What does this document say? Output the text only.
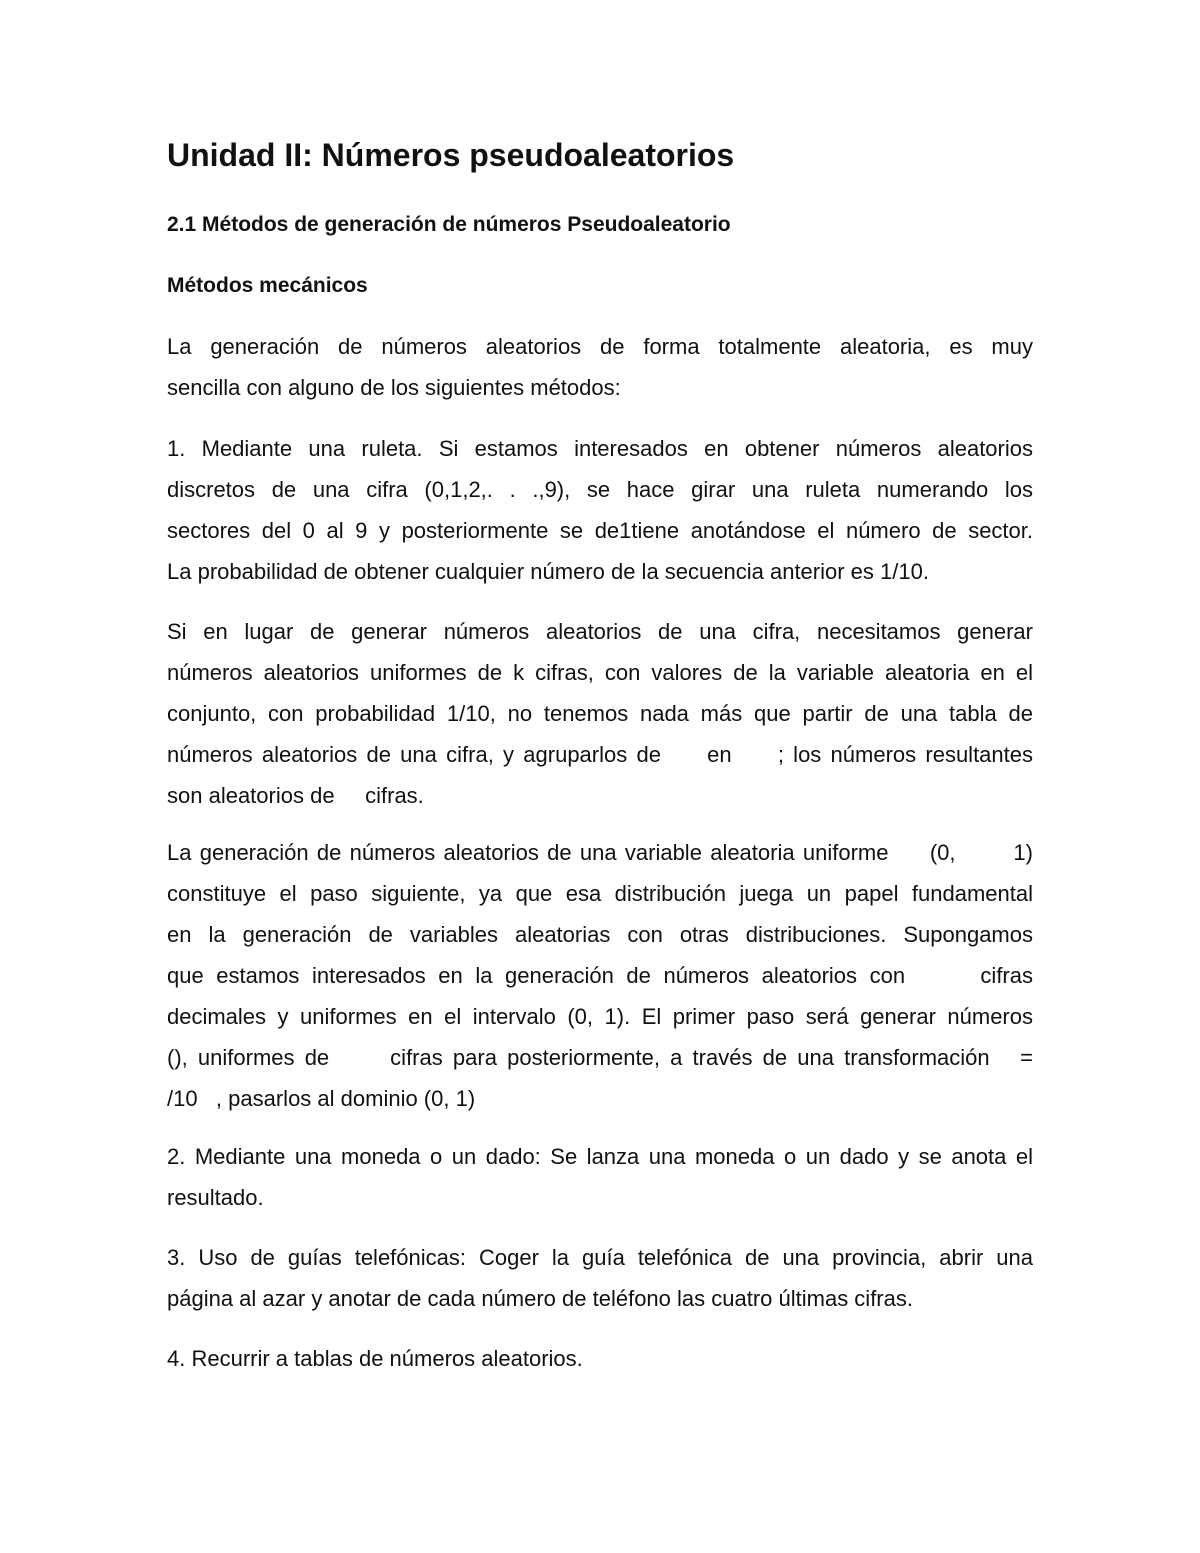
Unidad II: Números pseudoaleatorios
2.1 Métodos de generación de números Pseudoaleatorio
Métodos mecánicos
La generación de números aleatorios de forma totalmente aleatoria, es muy
sencilla con alguno de los siguientes métodos:
1. Mediante una ruleta. Si estamos interesados en obtener números aleatorios
discretos de una cifra (0,1,2,. . .,9), se hace girar una ruleta numerando los
sectores del 0 al 9 y posteriormente se de1tiene anotándose el número de sector.
La probabilidad de obtener cualquier número de la secuencia anterior es 1/10.
Si en lugar de generar números aleatorios de una cifra, necesitamos generar
números aleatorios uniformes de k cifras, con valores de la variable aleatoria en el
conjunto, con probabilidad 1/10, no tenemos nada más que partir de una tabla de
números aleatorios de una cifra, y agruparlos de     en     ; los números resultantes
son aleatorios de     cifras.
La generación de números aleatorios de una variable aleatoria uniforme     (0,       1)
constituye el paso siguiente, ya que esa distribución juega un papel fundamental
en la generación de variables aleatorias con otras distribuciones. Supongamos
que estamos interesados en la generación de números aleatorios con      cifras
decimales y uniformes en el intervalo (0, 1). El primer paso será generar números
(), uniformes de      cifras para posteriormente, a través de una transformación   =
/10   , pasarlos al dominio (0, 1)
2. Mediante una moneda o un dado: Se lanza una moneda o un dado y se anota el
resultado.
3. Uso de guías telefónicas: Coger la guía telefónica de una provincia, abrir una
página al azar y anotar de cada número de teléfono las cuatro últimas cifras.
4. Recurrir a tablas de números aleatorios.
